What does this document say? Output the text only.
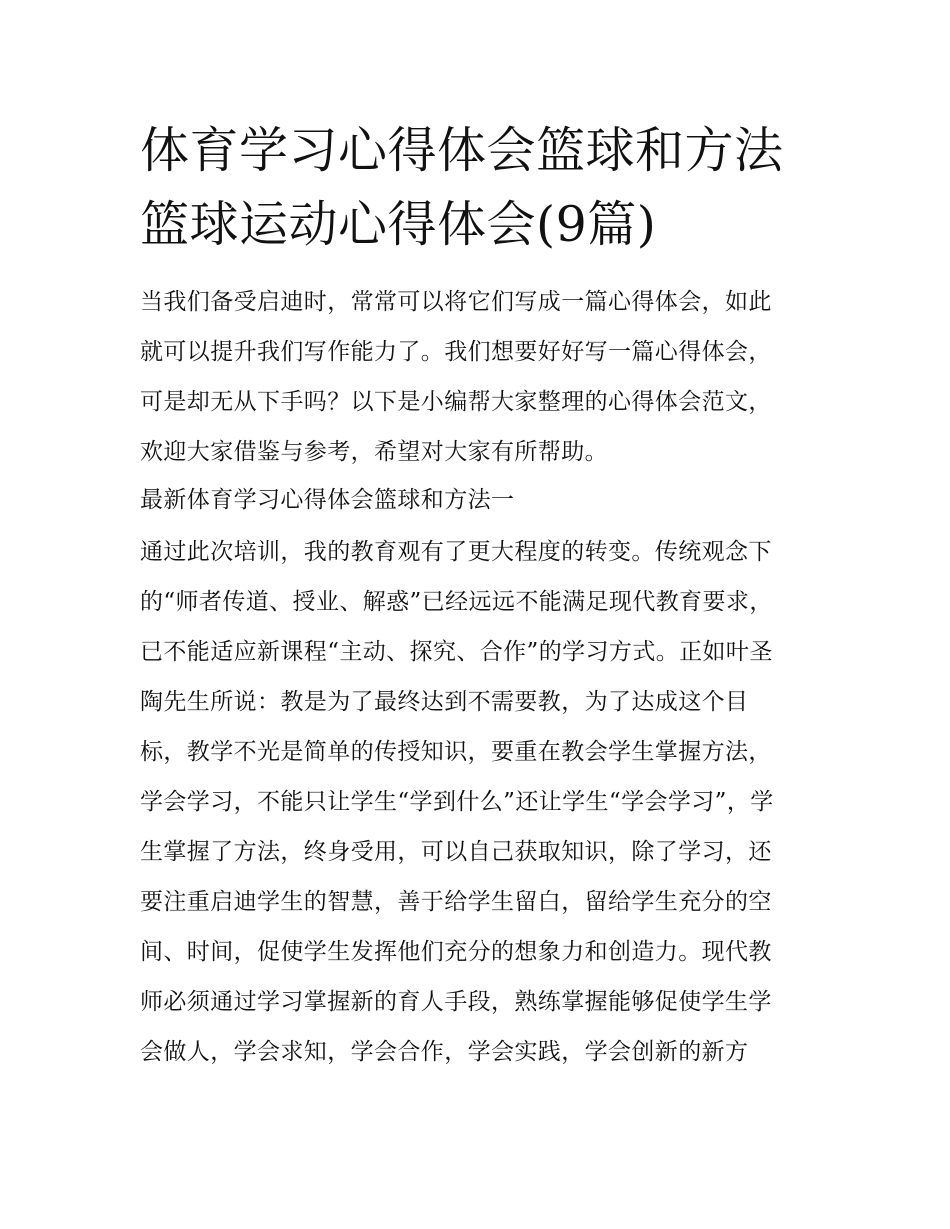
体育学习心得体会篮球和方法
篮球运动心得体会(9篇)

当我们备受启迪时，常常可以将它们写成一篇心得体会，如此
就可以提升我们写作能力了。我们想要好好写一篇心得体会，
可是却无从下手吗？以下是小编帮大家整理的心得体会范文，
欢迎大家借鉴与参考，希望对大家有所帮助。

最新体育学习心得体会篮球和方法一

通过此次培训，我的教育观有了更大程度的转变。传统观念下
的“师者传道、授业、解惑”已经远远不能满足现代教育要求，
已不能适应新课程“主动、探究、合作”的学习方式。正如叶圣
陶先生所说：教是为了最终达到不需要教，为了达成这个目
标，教学不光是简单的传授知识，要重在教会学生掌握方法，
学会学习，不能只让学生“学到什么”还让学生“学会学习”，学
生掌握了方法，终身受用，可以自己获取知识，除了学习，还
要注重启迪学生的智慧，善于给学生留白，留给学生充分的空
间、时间，促使学生发挥他们充分的想象力和创造力。现代教
师必须通过学习掌握新的育人手段，熟练掌握能够促使学生学
会做人，学会求知，学会合作，学会实践，学会创新的新方
